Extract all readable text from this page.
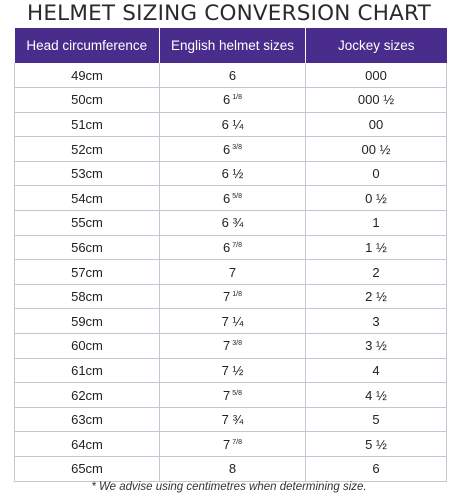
HELMET SIZING CONVERSION CHART
Head circumference	English helmet sizes	Jockey sizes
49cm	6	000
50cm	6 $^{1/8}$	000 ½
51cm	6 ¼	00
52cm	6 $^{3/8}$	00 ½
53cm	6 ½	0
54cm	6 $^{5/8}$	0 ½
55cm	6 ¾	1
56cm	6 $^{7/8}$	1 ½
57cm	7	2
58cm	7 $^{1/8}$	2 ½
59cm	7 ¼	3
60cm	7 $^{3/8}$	3 ½
61cm	7 ½	4
62cm	7 $^{5/8}$	4 ½
63cm	7 ¾	5
64cm	7 $^{7/8}$	5 ½
65cm	8	6
* We advise using centimetres when determining size.
